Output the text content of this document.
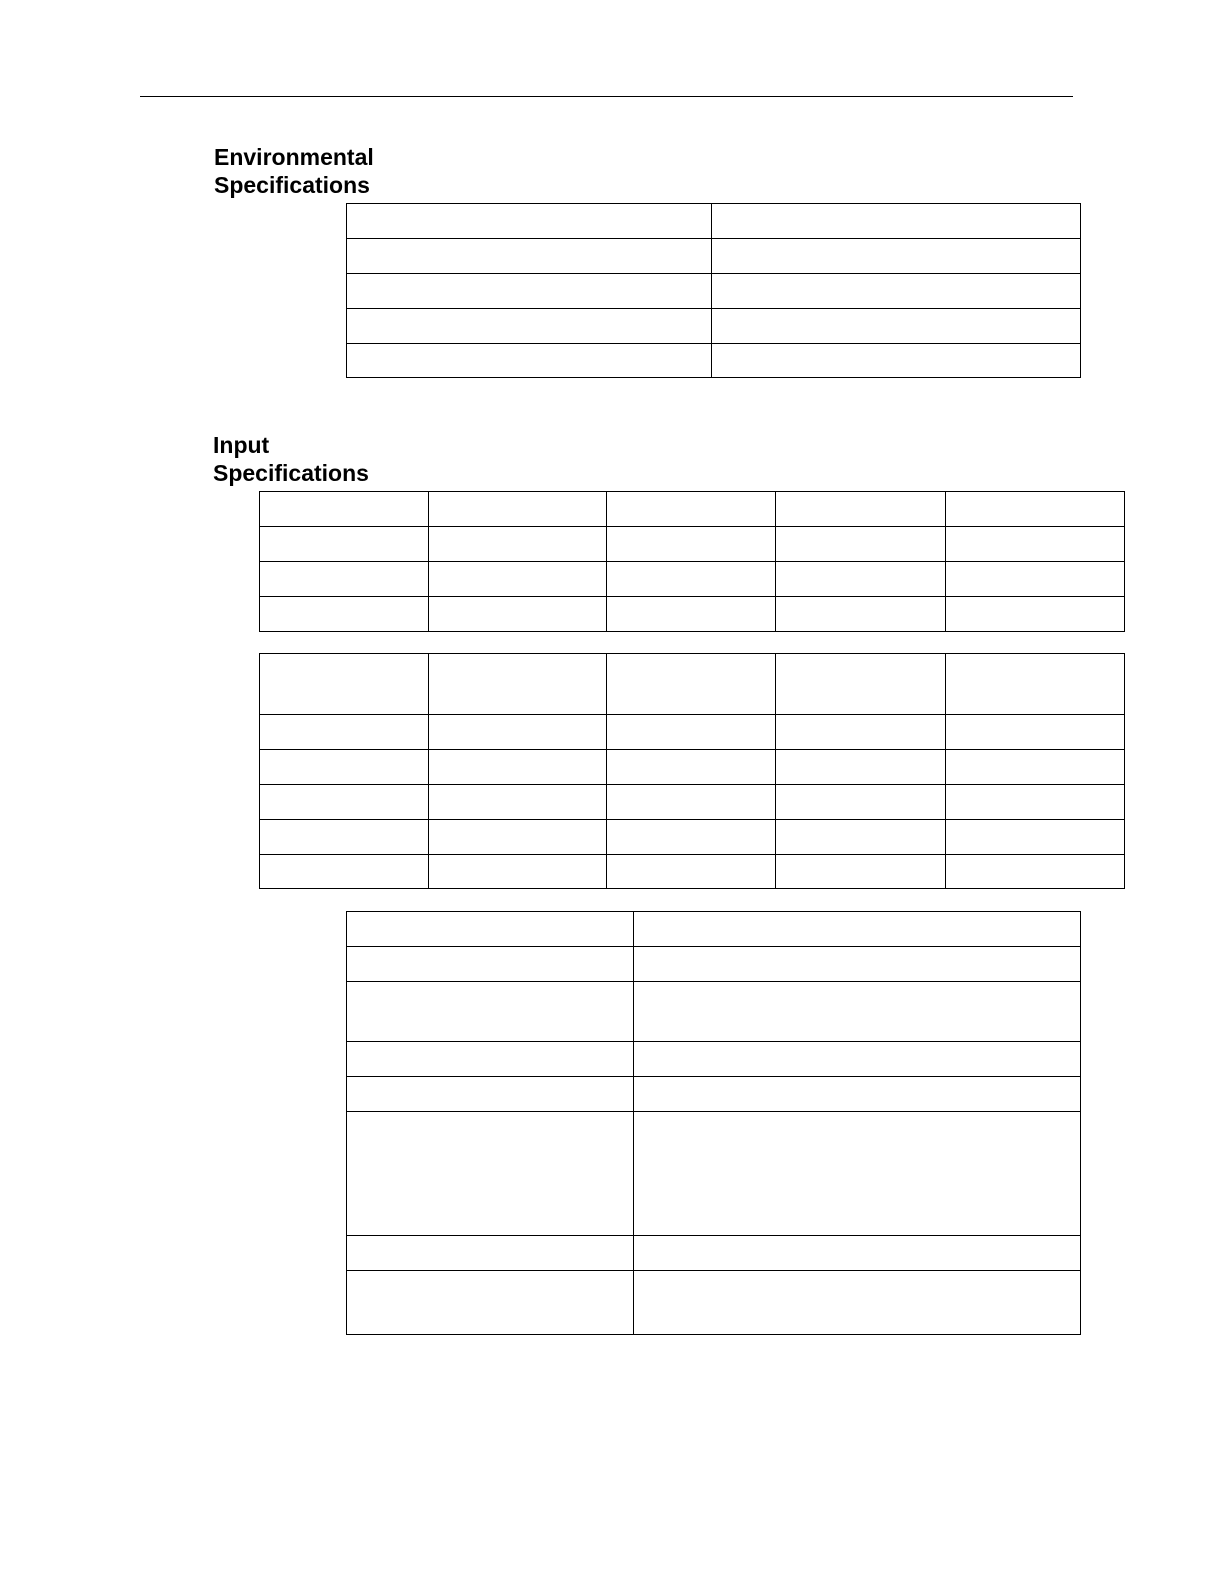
Environmental
Specifications

Input
Specifications
